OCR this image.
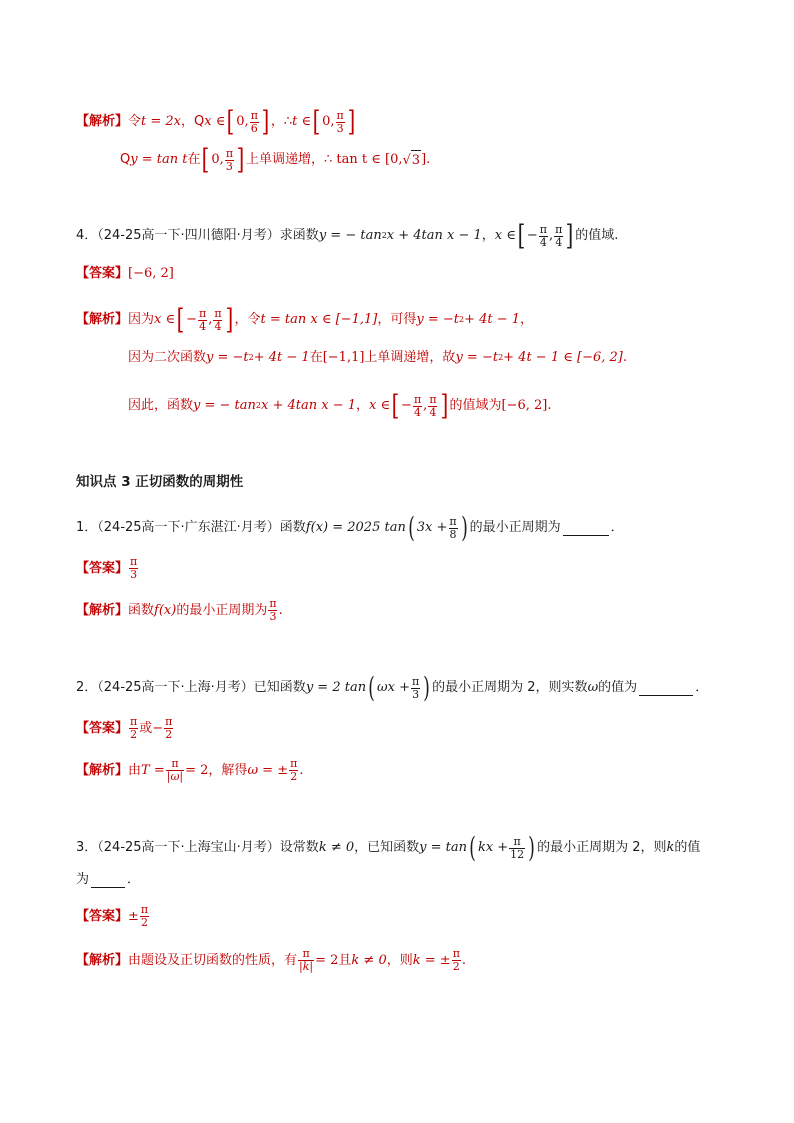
【解析】 令 t = 2x ，Q x ∈ [ 0, $\frac{\pi}{6}$ ] ，∴ t ∈ [ 0, $\frac{\pi}{3}$ ]
Q y = tan t 在 [ 0, $\frac{\pi}{3}$ ] 上单调递增， ∴ tan t ∈ [0, √3 ].
4．（24-25高一下·四川德阳·月考）求函数 y = − tan 2 x + 4tan x − 1 ， x ∈ [ − $\frac{\pi}{4}$ , $\frac{\pi}{4}$ ] 的值域.
【答案】 [−6, 2]
【解析】 因为 x ∈ [ − $\frac{\pi}{4}$ , $\frac{\pi}{4}$ ] ，令 t = tan x ∈ [−1,1] ，可得 y = −t 2 + 4t − 1 ，
因为二次函数 y = −t 2 + 4t − 1 在 [−1,1] 上单调递增，故 y = −t 2 + 4t − 1 ∈ [−6, 2] .
因此，函数 y = − tan 2 x + 4tan x − 1 ， x ∈ [ − $\frac{\pi}{4}$ , $\frac{\pi}{4}$ ] 的值域为 [−6, 2] .
知识点 3 正切函数的周期性
1．（24-25高一下·广东湛江·月考）函数 f(x) = 2025 tan ( $3x + \frac{\pi}{8}$ ) 的最小正周期为	．
【答案】 $\frac{\pi}{3}$
【解析】 函数 f(x) 的最小正周期为 $\frac{\pi}{3}$ .
2．（24-25高一下·上海·月考）已知函数 y = 2 tan ( $\omega x + \frac{\pi}{3}$ ) 的最小正周期为 2，则实数 ω 的值为	．
【答案】 $\frac{\pi}{2}$ 或 − $\frac{\pi}{2}$
【解析】 由 $T = \frac{\pi}{|\omega|} = 2$ ，解得 ω = ± $\frac{\pi}{2}$ .
3．（24-25高一下·上海宝山·月考）设常数 k ≠ 0 ，已知函数 y = tan ( kx + $\frac{\pi}{12}$ ) 的最小正周期为 2，则 k 的值
为	．
【答案】 ± $\frac{\pi}{2}$
【解析】 由题设及正切函数的性质，有 $\frac{\pi}{|k|} = 2$ 且 k ≠ 0 ，则 k = ± $\frac{\pi}{2}$ .
